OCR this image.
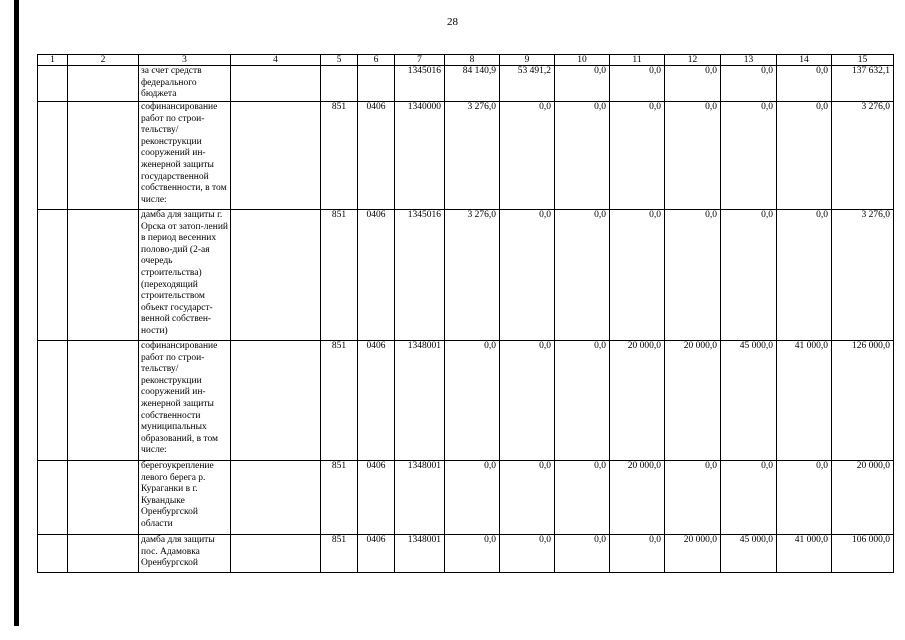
28
1	2	3	4	5	6	7	8	9	10	11	12	13	14	15
		за счет средств федерального бюджета				1345016	84 140,9	53 491,2	0,0	0,0	0,0	0,0	0,0	137 632,1
		софинансирование работ по строи-тельству/ реконструкции сооружений ин-женерной защиты государственной собственности, в том числе:		851	0406	1340000	3 276,0	0,0	0,0	0,0	0,0	0,0	0,0	3 276,0
		дамба для защиты г. Орска от затоп-лений в период весенних полово-дий (2-ая очередь строительства) (переходящий строительством объект государст-венной собствен-ности)		851	0406	1345016	3 276,0	0,0	0,0	0,0	0,0	0,0	0,0	3 276,0
		софинансирование работ по строи-тельству/ реконструкции сооружений ин-женерной защиты собственности муниципальных образований, в том числе:		851	0406	1348001	0,0	0,0	0,0	20 000,0	20 000,0	45 000,0	41 000,0	126 000,0
		берегоукрепление левого берега р. Кураганки в г. Кувандыке Оренбургской области		851	0406	1348001	0,0	0,0	0,0	20 000,0	0,0	0,0	0,0	20 000,0
		дамба для защиты пос. Адамовка Оренбургской		851	0406	1348001	0,0	0,0	0,0	0,0	20 000,0	45 000,0	41 000,0	106 000,0
